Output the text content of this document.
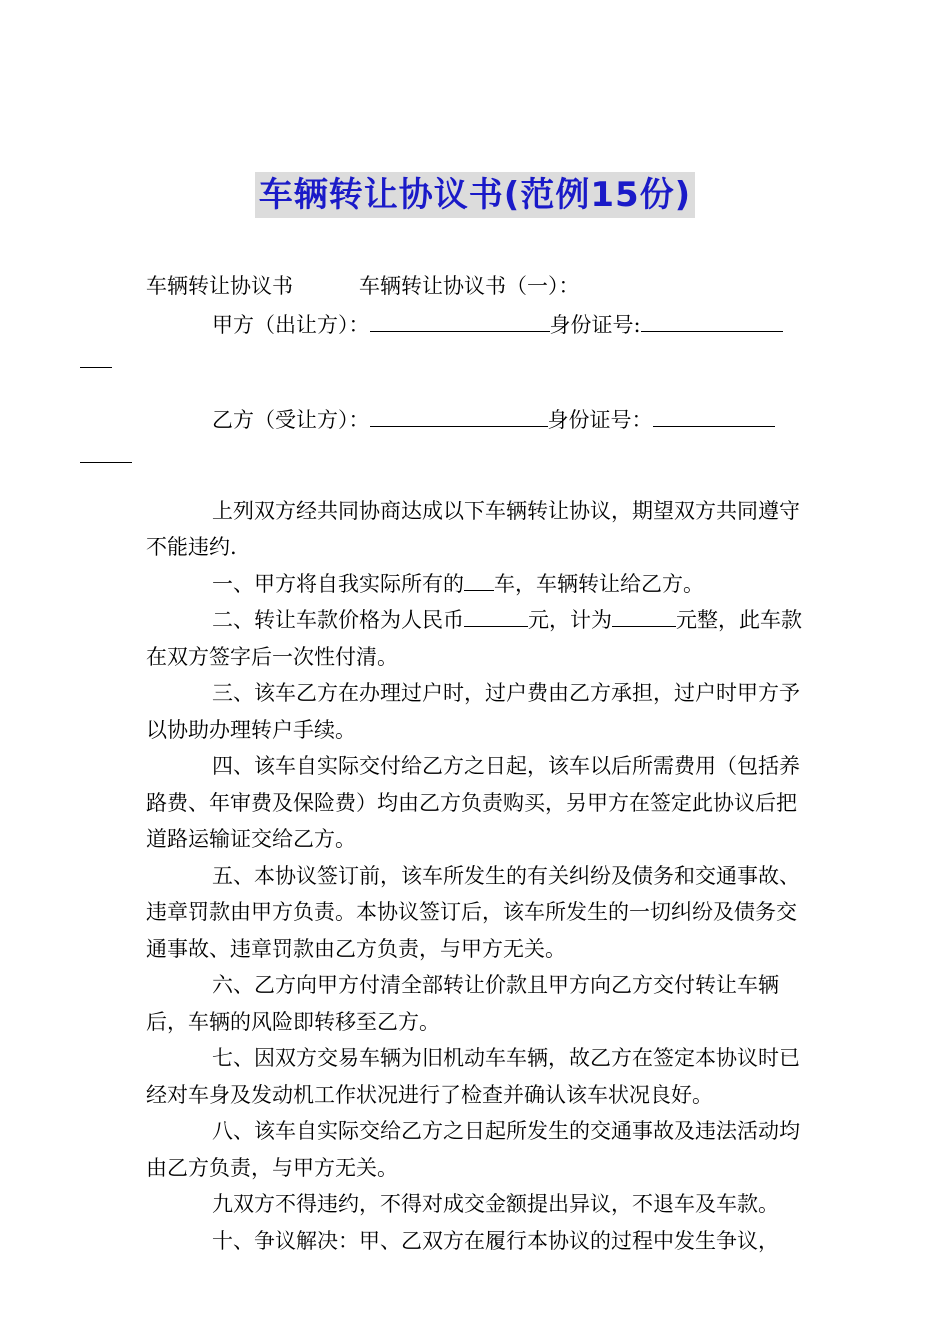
车辆转让协议书(范例15份)

车辆转让协议书	车辆转让协议书（一）：

甲方（出让方）：	身份证号:

乙方（受让方）：	身份证号：

上列双方经共同协商达成以下车辆转让协议，期望双方共同遵守不能违约.

一、甲方将自我实际所有的 车，车辆转让给乙方。

二、转让车款价格为人民币	元，计为	元整，此车款在双方签字后一次性付清。

三、该车乙方在办理过户时，过户费由乙方承担，过户时甲方予以协助办理转户手续。

四、该车自实际交付给乙方之日起，该车以后所需费用（包括养路费、年审费及保险费）均由乙方负责购买，另甲方在签定此协议后把道路运输证交给乙方。

五、本协议签订前，该车所发生的有关纠纷及债务和交通事故、违章罚款由甲方负责。本协议签订后，该车所发生的一切纠纷及债务交通事故、违章罚款由乙方负责，与甲方无关。

六、乙方向甲方付清全部转让价款且甲方向乙方交付转让车辆后，车辆的风险即转移至乙方。

七、因双方交易车辆为旧机动车车辆，故乙方在签定本协议时已经对车身及发动机工作状况进行了检查并确认该车状况良好。

八、该车自实际交给乙方之日起所发生的交通事故及违法活动均由乙方负责，与甲方无关。

九双方不得违约，不得对成交金额提出异议，不退车及车款。

十、争议解决：甲、乙双方在履行本协议的过程中发生争议，
